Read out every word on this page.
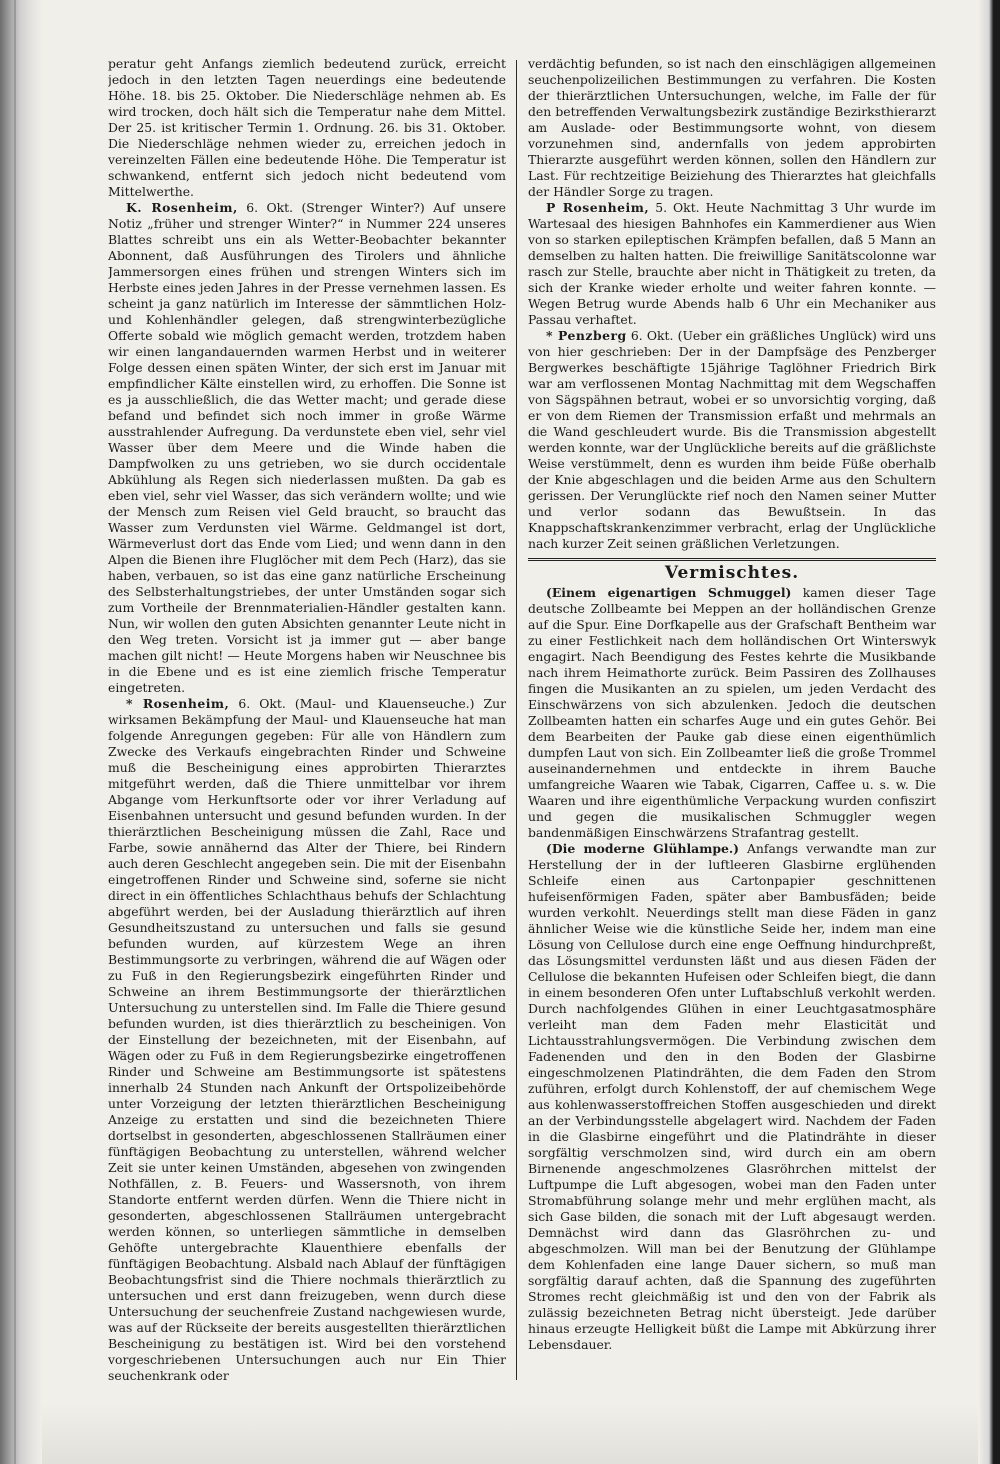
peratur geht Anfangs ziemlich bedeutend zurück, erreicht jedoch in den letzten Tagen neuerdings eine bedeutende Höhe. 18. bis 25. Oktober. Die Niederschläge nehmen ab. Es wird trocken, doch hält sich die Temperatur nahe dem Mittel. Der 25. ist kritischer Termin 1. Ordnung. 26. bis 31. Oktober. Die Niederschläge nehmen wieder zu, erreichen jedoch in vereinzelten Fällen eine bedeutende Höhe. Die Temperatur ist schwankend, entfernt sich jedoch nicht bedeutend vom Mittelwerthe.

K. Rosenheim, 6. Okt. (Strenger Winter?) Auf unsere Notiz „früher und strenger Winter?“ in Nummer 224 unseres Blattes schreibt uns ein als Wetter-Beobachter bekannter Abonnent, daß Ausführungen des Tirolers und ähnliche Jammersorgen eines frühen und strengen Winters sich im Herbste eines jeden Jahres in der Presse vernehmen lassen. Es scheint ja ganz natürlich im Interesse der sämmtlichen Holz- und Kohlenhändler gelegen, daß strengwinterbezügliche Offerte sobald wie möglich gemacht werden, trotzdem haben wir einen langandauernden warmen Herbst und in weiterer Folge dessen einen späten Winter, der sich erst im Januar mit empfindlicher Kälte einstellen wird, zu erhoffen. Die Sonne ist es ja ausschließlich, die das Wetter macht; und gerade diese befand und befindet sich noch immer in große Wärme ausstrahlender Aufregung. Da verdunstete eben viel, sehr viel Wasser über dem Meere und die Winde haben die Dampfwolken zu uns getrieben, wo sie durch occidentale Abkühlung als Regen sich niederlassen mußten. Da gab es eben viel, sehr viel Wasser, das sich verändern wollte; und wie der Mensch zum Reisen viel Geld braucht, so braucht das Wasser zum Verdunsten viel Wärme. Geldmangel ist dort, Wärmeverlust dort das Ende vom Lied; und wenn dann in den Alpen die Bienen ihre Fluglöcher mit dem Pech (Harz), das sie haben, verbauen, so ist das eine ganz natürliche Erscheinung des Selbsterhaltungstriebes, der unter Umständen sogar sich zum Vortheile der Brennmaterialien-Händler gestalten kann. Nun, wir wollen den guten Absichten genannter Leute nicht in den Weg treten. Vorsicht ist ja immer gut — aber bange machen gilt nicht! — Heute Morgens haben wir Neuschnee bis in die Ebene und es ist eine ziemlich frische Temperatur eingetreten.

* Rosenheim, 6. Okt. (Maul- und Klauenseuche.) Zur wirksamen Bekämpfung der Maul- und Klauenseuche hat man folgende Anregungen gegeben: Für alle von Händlern zum Zwecke des Verkaufs eingebrachten Rinder und Schweine muß die Bescheinigung eines approbirten Thierarztes mitgeführt werden, daß die Thiere unmittelbar vor ihrem Abgange vom Herkunftsorte oder vor ihrer Verladung auf Eisenbahnen untersucht und gesund befunden wurden. In der thierärztlichen Bescheinigung müssen die Zahl, Race und Farbe, sowie annähernd das Alter der Thiere, bei Rindern auch deren Geschlecht angegeben sein. Die mit der Eisenbahn eingetroffenen Rinder und Schweine sind, soferne sie nicht direct in ein öffentliches Schlachthaus behufs der Schlachtung abgeführt werden, bei der Ausladung thierärztlich auf ihren Gesundheitszustand zu untersuchen und falls sie gesund befunden wurden, auf kürzestem Wege an ihren Bestimmungsorte zu verbringen, während die auf Wägen oder zu Fuß in den Regierungsbezirk eingeführten Rinder und Schweine an ihrem Bestimmungsorte der thierärztlichen Untersuchung zu unterstellen sind. Im Falle die Thiere gesund befunden wurden, ist dies thierärztlich zu bescheinigen. Von der Einstellung der bezeichneten, mit der Eisenbahn, auf Wägen oder zu Fuß in dem Regierungsbezirke eingetroffenen Rinder und Schweine am Bestimmungsorte ist spätestens innerhalb 24 Stunden nach Ankunft der Ortspolizeibehörde unter Vorzeigung der letzten thierärztlichen Bescheinigung Anzeige zu erstatten und sind die bezeichneten Thiere dortselbst in gesonderten, abgeschlossenen Stallräumen einer fünftägigen Beobachtung zu unterstellen, während welcher Zeit sie unter keinen Umständen, abgesehen von zwingenden Nothfällen, z. B. Feuers- und Wassersnoth, von ihrem Standorte entfernt werden dürfen. Wenn die Thiere nicht in gesonderten, abgeschlossenen Stallräumen untergebracht werden können, so unterliegen sämmtliche in demselben Gehöfte untergebrachte Klauenthiere ebenfalls der fünftägigen Beobachtung. Alsbald nach Ablauf der fünftägigen Beobachtungsfrist sind die Thiere nochmals thierärztlich zu untersuchen und erst dann freizugeben, wenn durch diese Untersuchung der seuchenfreie Zustand nachgewiesen wurde, was auf der Rückseite der bereits ausgestellten thierärztlichen Bescheinigung zu bestätigen ist. Wird bei den vorstehend vorgeschriebenen Untersuchungen auch nur Ein Thier seuchenkrank oder

verdächtig befunden, so ist nach den einschlägigen allgemeinen seuchenpolizeilichen Bestimmungen zu verfahren. Die Kosten der thierärztlichen Untersuchungen, welche, im Falle der für den betreffenden Verwaltungsbezirk zuständige Bezirksthierarzt am Auslade- oder Bestimmungsorte wohnt, von diesem vorzunehmen sind, andernfalls von jedem approbirten Thierarzte ausgeführt werden können, sollen den Händlern zur Last. Für rechtzeitige Beiziehung des Thierarztes hat gleichfalls der Händler Sorge zu tragen.

P Rosenheim, 5. Okt. Heute Nachmittag 3 Uhr wurde im Wartesaal des hiesigen Bahnhofes ein Kammerdiener aus Wien von so starken epileptischen Krämpfen befallen, daß 5 Mann an demselben zu halten hatten. Die freiwillige Sanitätscolonne war rasch zur Stelle, brauchte aber nicht in Thätigkeit zu treten, da sich der Kranke wieder erholte und weiter fahren konnte. — Wegen Betrug wurde Abends halb 6 Uhr ein Mechaniker aus Passau verhaftet.

* Penzberg 6. Okt. (Ueber ein gräßliches Unglück) wird uns von hier geschrieben: Der in der Dampfsäge des Penzberger Bergwerkes beschäftigte 15jährige Taglöhner Friedrich Birk war am verflossenen Montag Nachmittag mit dem Wegschaffen von Sägspähnen betraut, wobei er so unvorsichtig vorging, daß er von dem Riemen der Transmission erfaßt und mehrmals an die Wand geschleudert wurde. Bis die Transmission abgestellt werden konnte, war der Unglückliche bereits auf die gräßlichste Weise verstümmelt, denn es wurden ihm beide Füße oberhalb der Knie abgeschlagen und die beiden Arme aus den Schultern gerissen. Der Verunglückte rief noch den Namen seiner Mutter und verlor sodann das Bewußtsein. In das Knappschaftskrankenzimmer verbracht, erlag der Unglückliche nach kurzer Zeit seinen gräßlichen Verletzungen.

Vermischtes.

(Einem eigenartigen Schmuggel) kamen dieser Tage deutsche Zollbeamte bei Meppen an der holländischen Grenze auf die Spur. Eine Dorfkapelle aus der Grafschaft Bentheim war zu einer Festlichkeit nach dem holländischen Ort Winterswyk engagirt. Nach Beendigung des Festes kehrte die Musikbande nach ihrem Heimathorte zurück. Beim Passiren des Zollhauses fingen die Musikanten an zu spielen, um jeden Verdacht des Einschwärzens von sich abzulenken. Jedoch die deutschen Zollbeamten hatten ein scharfes Auge und ein gutes Gehör. Bei dem Bearbeiten der Pauke gab diese einen eigenthümlich dumpfen Laut von sich. Ein Zollbeamter ließ die große Trommel auseinandernehmen und entdeckte in ihrem Bauche umfangreiche Waaren wie Tabak, Cigarren, Caffee u. s. w. Die Waaren und ihre eigenthümliche Verpackung wurden confiszirt und gegen die musikalischen Schmuggler wegen bandenmäßigen Einschwärzens Strafantrag gestellt.

(Die moderne Glühlampe.) Anfangs verwandte man zur Herstellung der in der luftleeren Glasbirne erglühenden Schleife einen aus Cartonpapier geschnittenen hufeisenförmigen Faden, später aber Bambusfäden; beide wurden verkohlt. Neuerdings stellt man diese Fäden in ganz ähnlicher Weise wie die künstliche Seide her, indem man eine Lösung von Cellulose durch eine enge Oeffnung hindurchpreßt, das Lösungsmittel verdunsten läßt und aus diesen Fäden der Cellulose die bekannten Hufeisen oder Schleifen biegt, die dann in einem besonderen Ofen unter Luftabschluß verkohlt werden. Durch nachfolgendes Glühen in einer Leuchtgasatmosphäre verleiht man dem Faden mehr Elasticität und Lichtausstrahlungsvermögen. Die Verbindung zwischen dem Fadenenden und den in den Boden der Glasbirne eingeschmolzenen Platindrähten, die dem Faden den Strom zuführen, erfolgt durch Kohlenstoff, der auf chemischem Wege aus kohlenwasserstoffreichen Stoffen ausgeschieden und direkt an der Verbindungsstelle abgelagert wird. Nachdem der Faden in die Glasbirne eingeführt und die Platindrähte in dieser sorgfältig verschmolzen sind, wird durch ein am obern Birnenende angeschmolzenes Glasröhrchen mittelst der Luftpumpe die Luft abgesogen, wobei man den Faden unter Stromabführung solange mehr und mehr erglühen macht, als sich Gase bilden, die sonach mit der Luft abgesaugt werden. Demnächst wird dann das Glasröhrchen zu- und abgeschmolzen. Will man bei der Benutzung der Glühlampe dem Kohlenfaden eine lange Dauer sichern, so muß man sorgfältig darauf achten, daß die Spannung des zugeführten Stromes recht gleichmäßig ist und den von der Fabrik als zulässig bezeichneten Betrag nicht übersteigt. Jede darüber hinaus erzeugte Helligkeit büßt die Lampe mit Abkürzung ihrer Lebensdauer.
